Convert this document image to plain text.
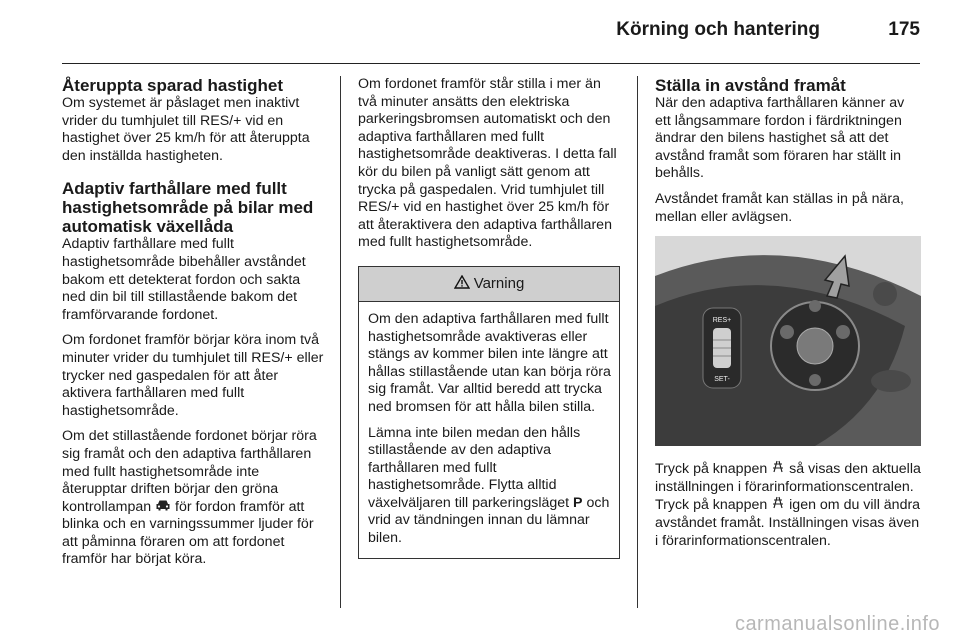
Körning och hantering	175
Återuppta sparad hastighet

Om systemet är påslaget men inaktivt vrider du tumhjulet till RES/+ vid en hastighet över 25 km/h för att återuppta den inställda hastigheten.

Adaptiv farthållare med fullt hastighetsområde på bilar med automatisk växellåda

Adaptiv farthållare med fullt hastighetsområde bibehåller avståndet bakom ett detekterat fordon och sakta ned din bil till stillastående bakom det framförvarande fordonet.

Om fordonet framför börjar köra inom två minuter vrider du tumhjulet till RES/+ eller trycker ned gaspedalen för att åter aktivera farthållaren med fullt hastighetsområde.

Om det stillastående fordonet börjar röra sig framåt och den adaptiva farthållaren med fullt hastighetsområde inte återupptar driften börjar den gröna kontrollampan för fordon framför att blinka och en varningssummer ljuder för att påminna föraren om att fordonet framför har börjat köra.

Om fordonet framför står stilla i mer än två minuter ansätts den elektriska parkeringsbromsen automatiskt och den adaptiva farthållaren med fullt hastighetsområde deaktiveras. I detta fall kör du bilen på vanligt sätt genom att trycka på gaspedalen. Vrid tumhjulet till RES/+ vid en hastighet över 25 km/h för att återaktivera den adaptiva farthållaren med fullt hastighetsområde.

Varning

Om den adaptiva farthållaren med fullt hastighetsområde avaktiveras eller stängs av kommer bilen inte längre att hållas stillastående utan kan börja röra sig framåt. Var alltid beredd att trycka ned bromsen för att hålla bilen stilla.

Lämna inte bilen medan den hålls stillastående av den adaptiva farthållaren med fullt hastighetsområde. Flytta alltid växelväljaren till parkeringsläget P och vrid av tändningen innan du lämnar bilen.

Ställa in avstånd framåt

När den adaptiva farthållaren känner av ett långsammare fordon i färdriktningen ändrar den bilens hastighet så att det avstånd framåt som föraren har ställt in behålls.

Avståndet framåt kan ställas in på nära, mellan eller avlägsen.

RES+
SET-

Tryck på knappen så visas den aktuella inställningen i förarinformationscentralen. Tryck på knappen igen om du vill ändra avståndet framåt. Inställningen visas även i förarinformationscentralen.

carmanualsonline.info
